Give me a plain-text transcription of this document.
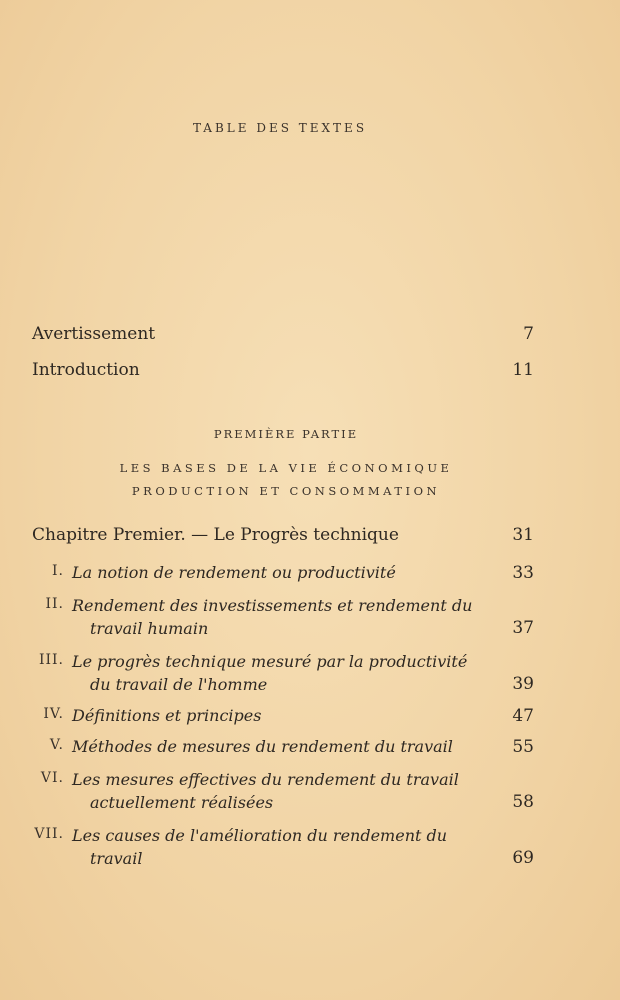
TABLE DES TEXTES
Avertissement	7
Introduction	11
PREMIÈRE PARTIE
LES BASES DE LA VIE ÉCONOMIQUE
PRODUCTION ET CONSOMMATION
Chapitre Premier. — Le Progrès technique	31
I. La notion de rendement ou productivité	33
II. Rendement des investissements et rendement du
travail humain	37
III. Le progrès technique mesuré par la productivité
du travail de l'homme	39
IV. Définitions et principes	47
V. Méthodes de mesures du rendement du travail	55
VI. Les mesures effectives du rendement du travail
actuellement réalisées	58
VII. Les causes de l'amélioration du rendement du
travail	69
